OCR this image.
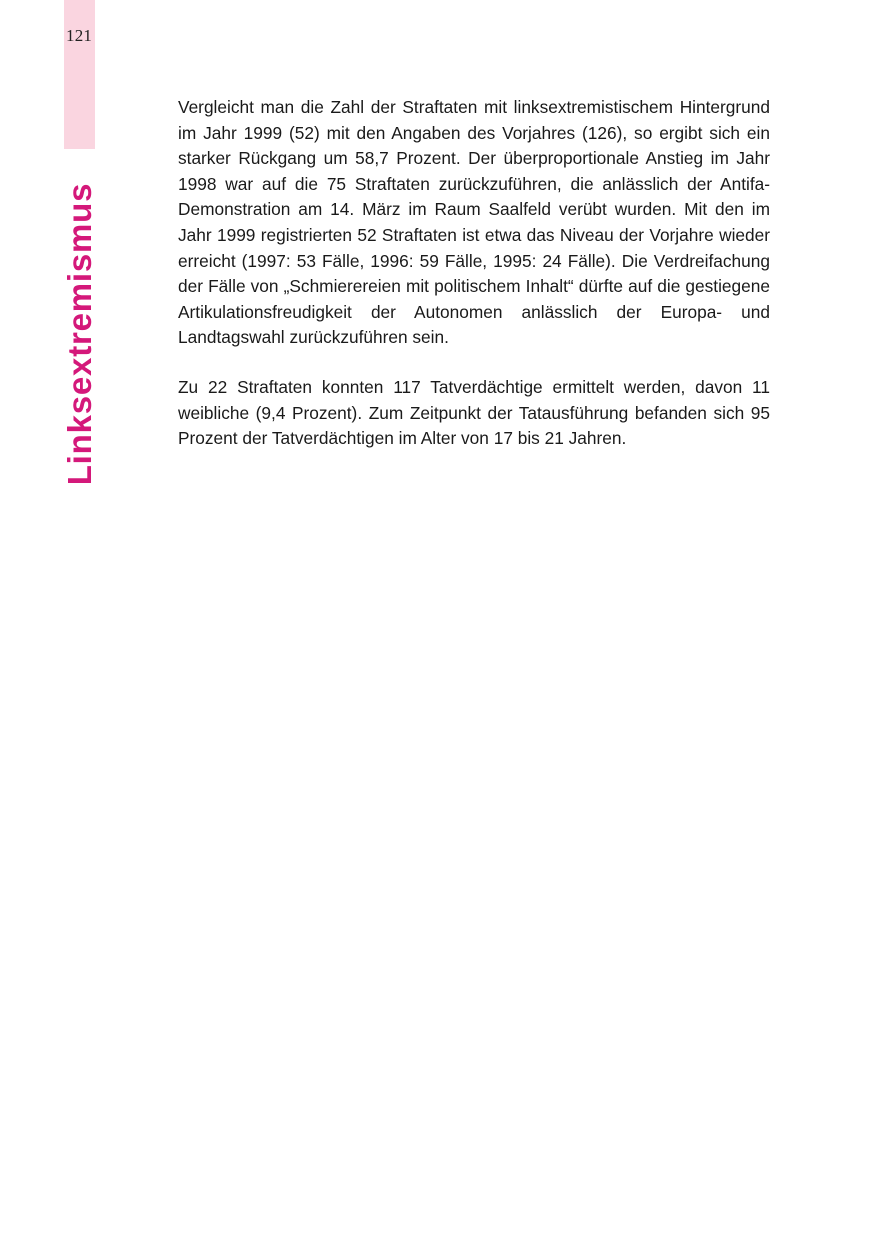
121
Linksextremismus

Vergleicht man die Zahl der Straftaten mit linksextremistischem Hintergrund im Jahr 1999 (52) mit den Angaben des Vorjahres (126), so ergibt sich ein starker Rückgang um 58,7 Prozent. Der überproportionale Anstieg im Jahr 1998 war auf die 75 Straftaten zurückzuführen, die anlässlich der Antifa-Demonstration am 14. März im Raum Saalfeld verübt wurden. Mit den im Jahr 1999 registrierten 52 Straftaten ist etwa das Niveau der Vorjahre wieder erreicht (1997: 53 Fälle, 1996: 59 Fälle, 1995: 24 Fälle). Die Verdreifachung der Fälle von „Schmierereien mit politischem Inhalt“ dürfte auf die gestiegene Artikulationsfreudigkeit der Autonomen anlässlich der Europa- und Landtagswahl zurückzuführen sein.

Zu 22 Straftaten konnten 117 Tatverdächtige ermittelt werden, davon 11 weibliche (9,4 Prozent). Zum Zeitpunkt der Tatausführung befanden sich 95 Prozent der Tatverdächtigen im Alter von 17 bis 21 Jahren.
